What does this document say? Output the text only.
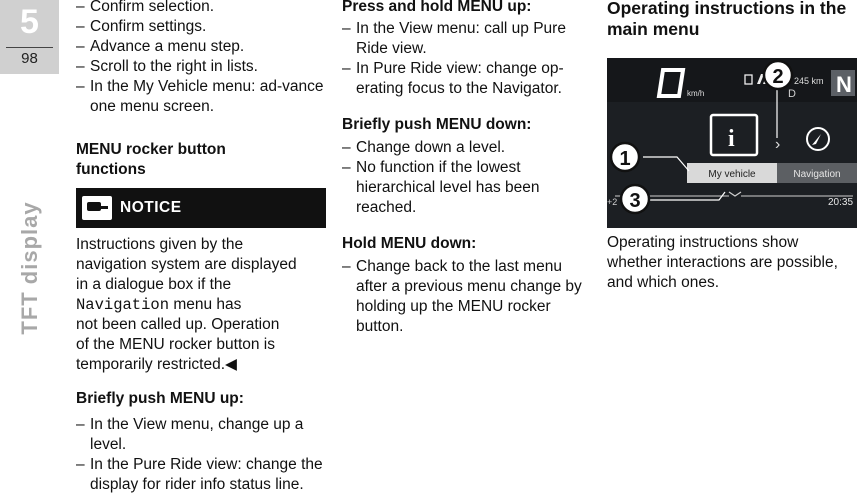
5
98
TFT display
– Confirm selection.
– Confirm settings.
– Advance a menu step.
– Scroll to the right in lists.
– In the My Vehicle menu: ad-vance one menu screen.
MENU rocker button functions
NOTICE
Instructions given by the
navigation system are displayed
in a dialogue box if the
Navigation menu has
not been called up. Operation
of the MENU rocker button is
temporarily restricted.◀
Briefly push MENU up:
– In the View menu, change up a level.
– In the Pure Ride view: change the display for rider info status line.
Press and hold MENU up:
– In the View menu: call up Pure Ride view.
– In Pure Ride view: change op-erating focus to the Navigator.
Briefly push MENU down:
– Change down a level.
– No function if the lowest hierarchical level has been reached.
Hold MENU down:
– Change back to the last menu after a previous menu change by holding up the MENU rocker button.
Operating instructions in the main menu
km/h
245 km
D N
i	›
My vehicle	Navigation
+2	20:35
1
2
3
Operating instructions show whether interactions are possible, and which ones.
